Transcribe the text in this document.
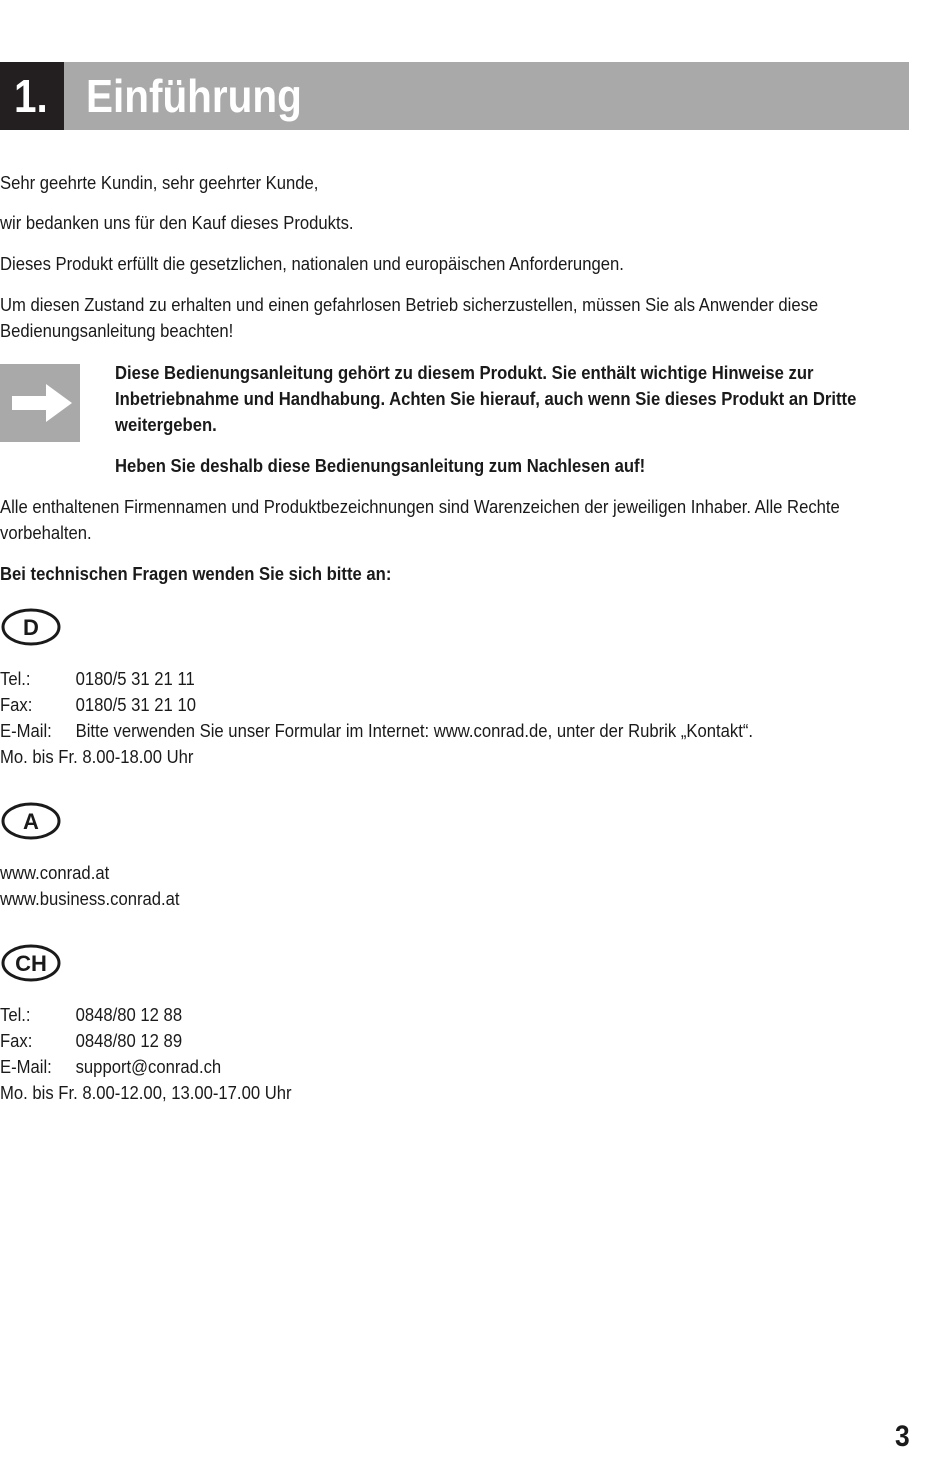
Einführung
1.
Sehr geehrte Kundin, sehr geehrter Kunde,
wir bedanken uns für den Kauf dieses Produkts.
Dieses Produkt erfüllt die gesetzlichen, nationalen und europäischen Anforderungen.
Um diesen Zustand zu erhalten und einen gefahrlosen Betrieb sicherzustellen, müssen Sie als Anwender diese Bedienungsanleitung beachten!
Diese Bedienungsanleitung gehört zu diesem Produkt. Sie enthält wichtige Hinweise zur Inbetriebnahme und Handhabung. Achten Sie hierauf, auch wenn Sie dieses Produkt an Dritte weitergeben.
Heben Sie deshalb diese Bedienungsanleitung zum Nachlesen auf!
Alle enthaltenen Firmennamen und Produktbezeichnungen sind Warenzeichen der jeweiligen Inhaber. Alle Rechte vorbehalten.
Bei technischen Fragen wenden Sie sich bitte an:
D
Tel.: 0180/5 31 21 11
Fax: 0180/5 31 21 10
E-Mail: Bitte verwenden Sie unser Formular im Internet: www.conrad.de, unter der Rubrik „Kontakt“.
Mo. bis Fr. 8.00-18.00 Uhr
A
www.conrad.at
www.business.conrad.at
CH
Tel.: 0848/80 12 88
Fax: 0848/80 12 89
E-Mail: support@conrad.ch
Mo. bis Fr. 8.00-12.00, 13.00-17.00 Uhr
3
